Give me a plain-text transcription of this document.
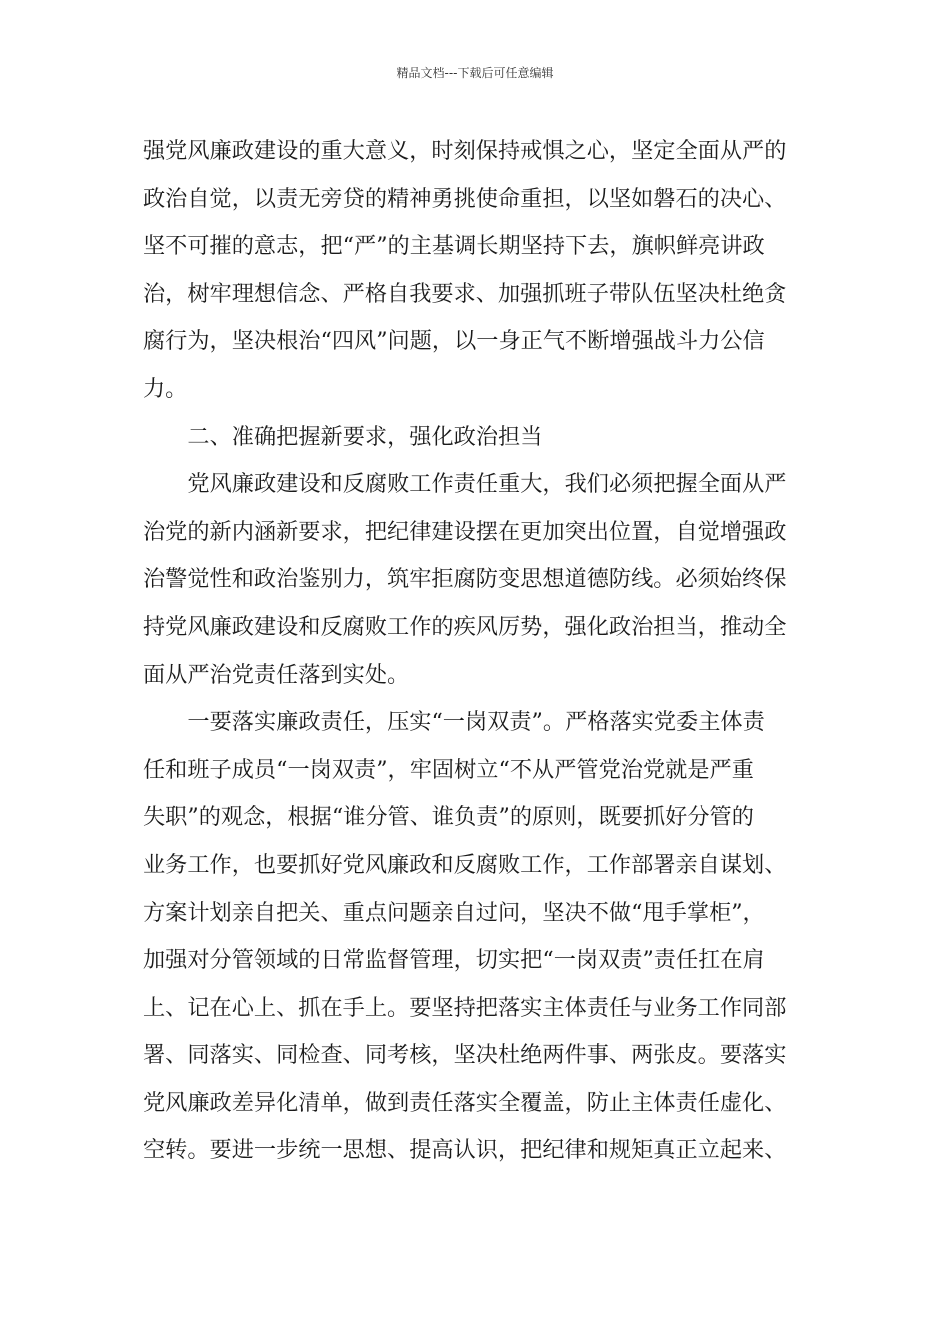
精品文档---下载后可任意编辑
强党风廉政建设的重大意义，时刻保持戒惧之心，坚定全面从严的
政治自觉，以责无旁贷的精神勇挑使命重担，以坚如磐石的决心、
坚不可摧的意志，把“严”的主基调长期坚持下去，旗帜鲜亮讲政
治，树牢理想信念、严格自我要求、加强抓班子带队伍坚决杜绝贪
腐行为，坚决根治“四风”问题，以一身正气不断增强战斗力公信
力。
二、准确把握新要求，强化政治担当
党风廉政建设和反腐败工作责任重大，我们必须把握全面从严
治党的新内涵新要求，把纪律建设摆在更加突出位置，自觉增强政
治警觉性和政治鉴别力，筑牢拒腐防变思想道德防线。必须始终保
持党风廉政建设和反腐败工作的疾风厉势，强化政治担当，推动全
面从严治党责任落到实处。
一要落实廉政责任，压实“一岗双责”。严格落实党委主体责
任和班子成员“一岗双责”，牢固树立“不从严管党治党就是严重
失职”的观念，根据“谁分管、谁负责”的原则，既要抓好分管的
业务工作，也要抓好党风廉政和反腐败工作，工作部署亲自谋划、
方案计划亲自把关、重点问题亲自过问，坚决不做“甩手掌柜”，
加强对分管领域的日常监督管理，切实把“一岗双责”责任扛在肩
上、记在心上、抓在手上。要坚持把落实主体责任与业务工作同部
署、同落实、同检查、同考核，坚决杜绝两件事、两张皮。要落实
党风廉政差异化清单，做到责任落实全覆盖，防止主体责任虚化、
空转。要进一步统一思想、提高认识，把纪律和规矩真正立起来、
